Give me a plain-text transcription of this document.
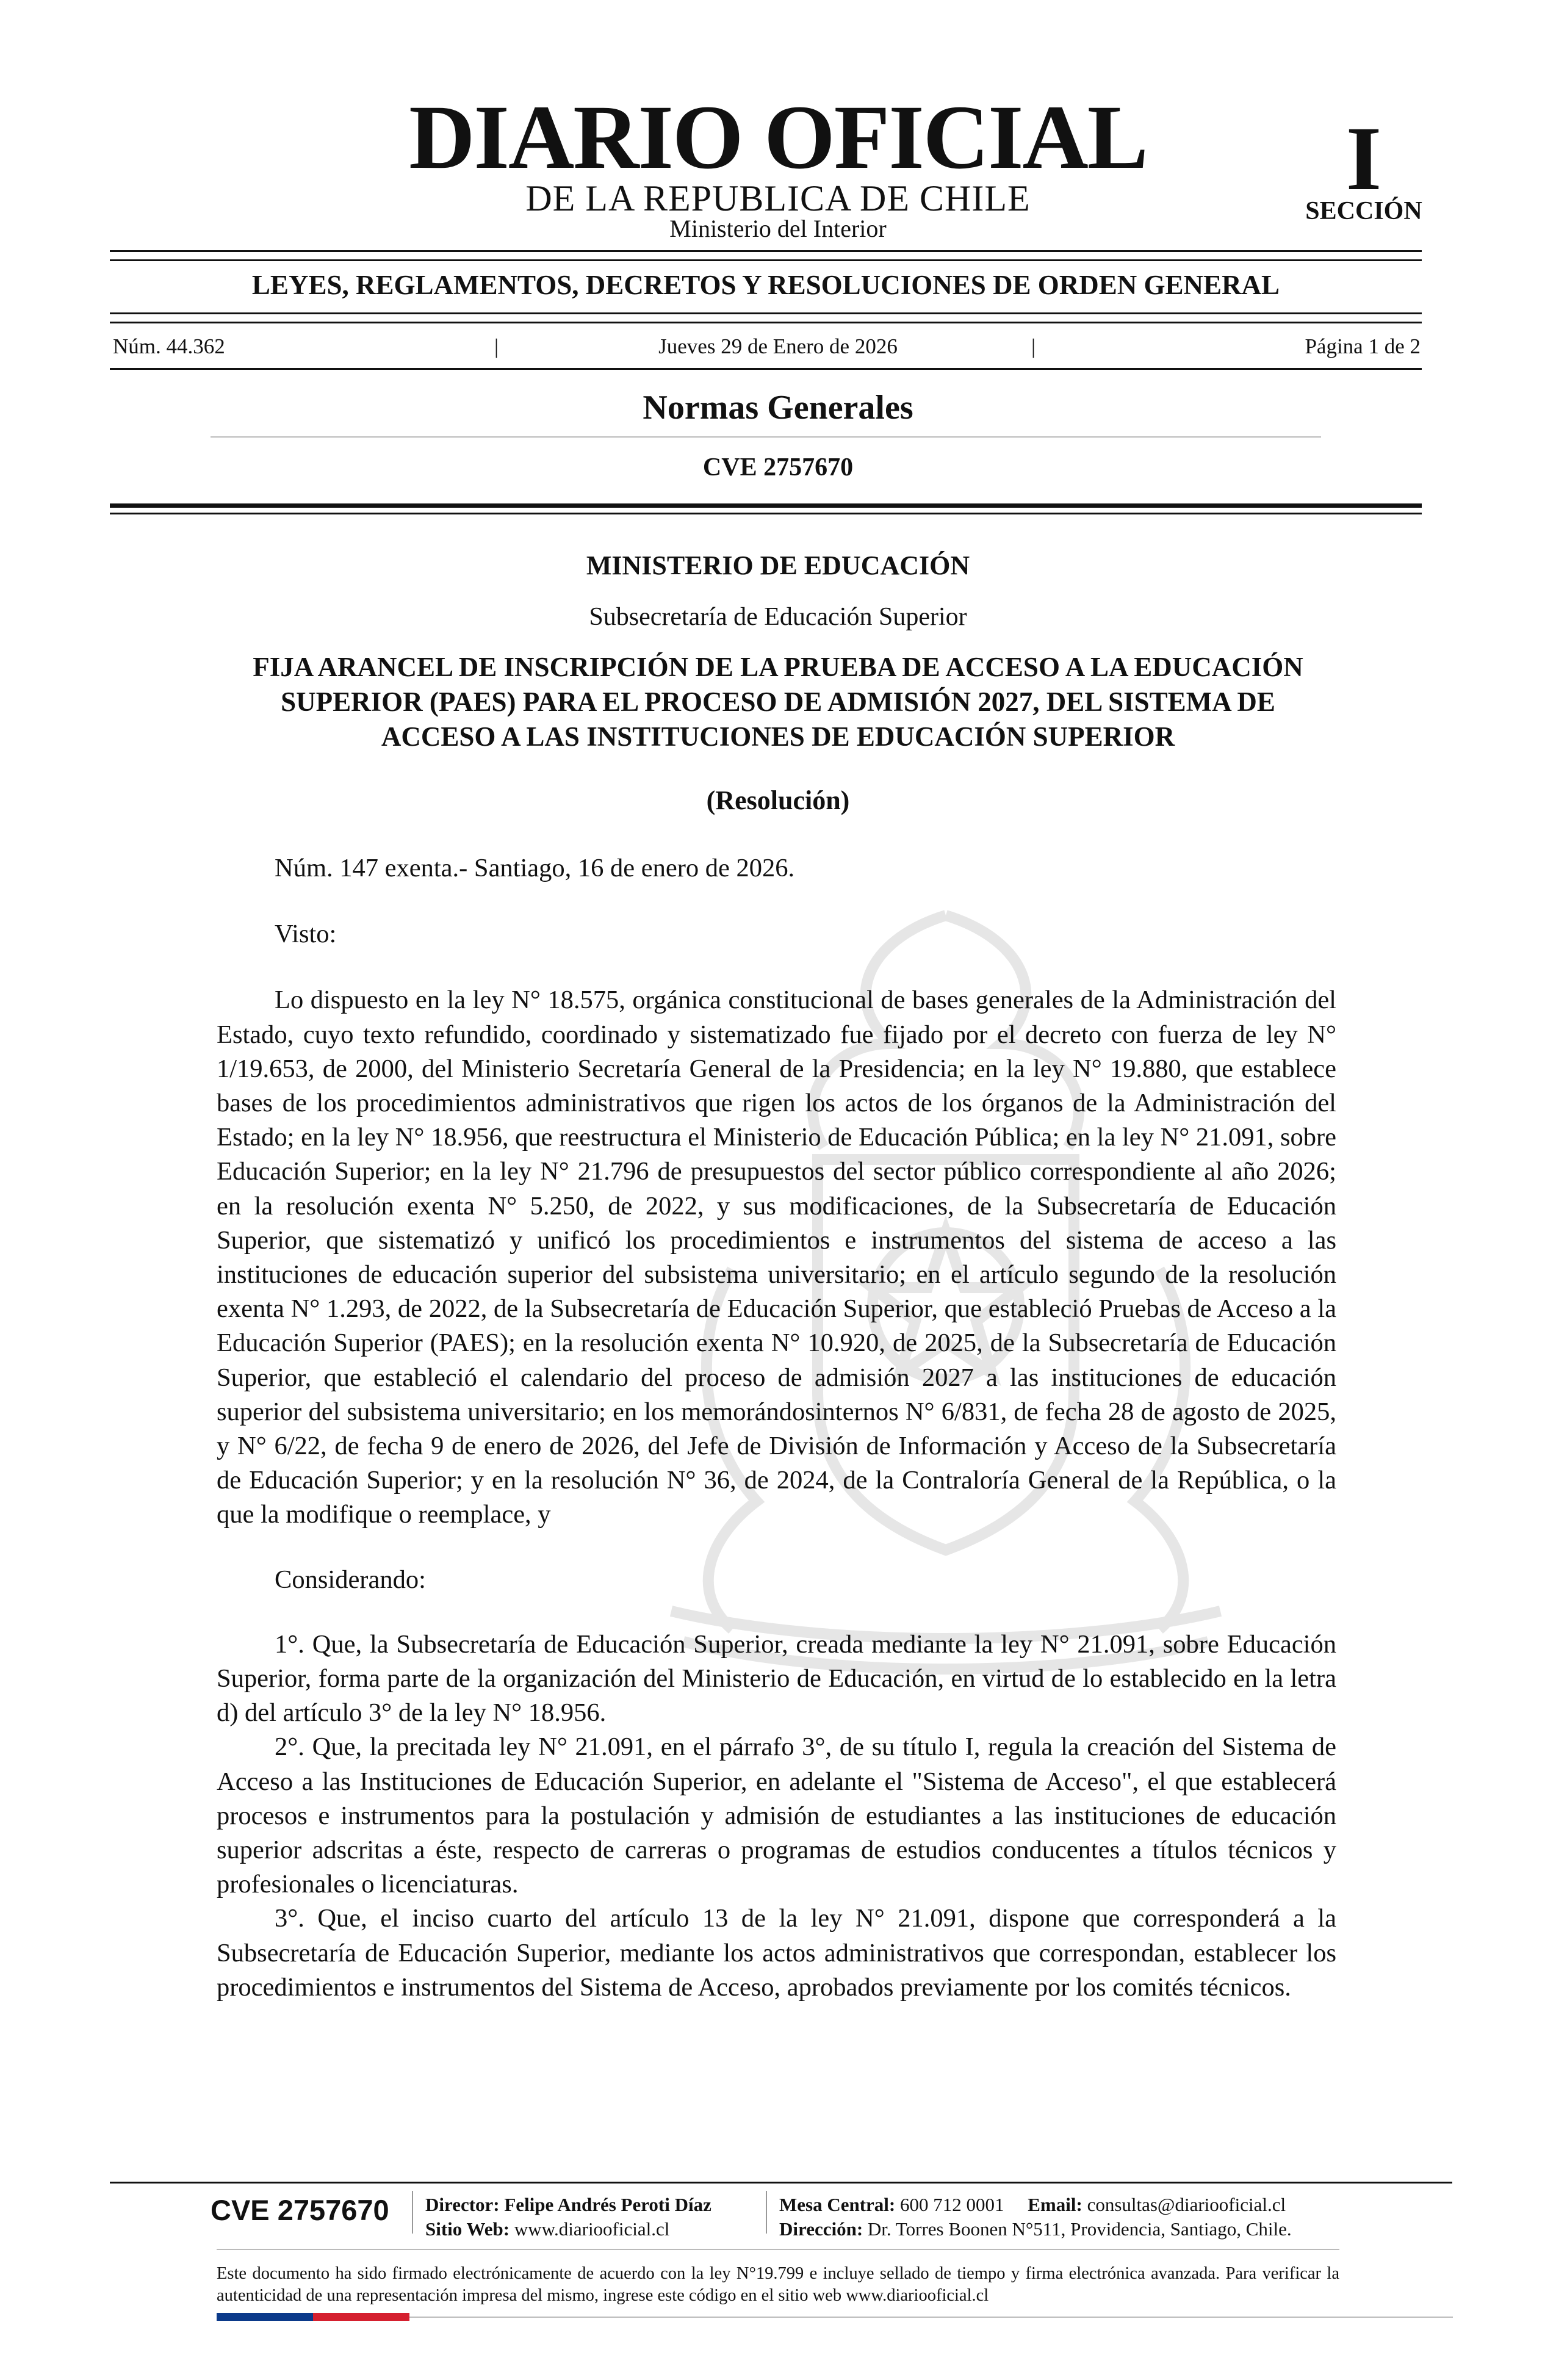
DIARIO OFICIAL
DE LA REPUBLICA DE CHILE
Ministerio del Interior
I
SECCIÓN
LEYES, REGLAMENTOS, DECRETOS Y RESOLUCIONES DE ORDEN GENERAL
Núm. 44.362	|	Jueves 29 de Enero de 2026	|	Página 1 de 2
Normas Generales
CVE 2757670
MINISTERIO DE EDUCACIÓN
Subsecretaría de Educación Superior
FIJA ARANCEL DE INSCRIPCIÓN DE LA PRUEBA DE ACCESO A LA EDUCACIÓN
SUPERIOR (PAES) PARA EL PROCESO DE ADMISIÓN 2027, DEL SISTEMA DE
ACCESO A LAS INSTITUCIONES DE EDUCACIÓN SUPERIOR
(Resolución)

Núm. 147 exenta.- Santiago, 16 de enero de 2026.

Visto:

Lo dispuesto en la ley N° 18.575, orgánica constitucional de bases generales de la Administración del Estado, cuyo texto refundido, coordinado y sistematizado fue fijado por el decreto con fuerza de ley N° 1/19.653, de 2000, del Ministerio Secretaría General de la Presidencia; en la ley N° 19.880, que establece bases de los procedimientos administrativos que rigen los actos de los órganos de la Administración del Estado; en la ley N° 18.956, que reestructura el Ministerio de Educación Pública; en la ley N° 21.091, sobre Educación Superior; en la ley N° 21.796 de presupuestos del sector público correspondiente al año 2026; en la resolución exenta N° 5.250, de 2022, y sus modificaciones, de la Subsecretaría de Educación Superior, que sistematizó y unificó los procedimientos e instrumentos del sistema de acceso a las instituciones de educación superior del subsistema universitario; en el artículo segundo de la resolución exenta N° 1.293, de 2022, de la Subsecretaría de Educación Superior, que estableció Pruebas de Acceso a la Educación Superior (PAES); en la resolución exenta N° 10.920, de 2025, de la Subsecretaría de Educación Superior, que estableció el calendario del proceso de admisión 2027 a las instituciones de educación superior del subsistema universitario; en los memorándosinternos N° 6/831, de fecha 28 de agosto de 2025, y N° 6/22, de fecha 9 de enero de 2026, del Jefe de División de Información y Acceso de la Subsecretaría de Educación Superior; y en la resolución N° 36, de 2024, de la Contraloría General de la República, o la que la modifique o reemplace, y

Considerando:

1°. Que, la Subsecretaría de Educación Superior, creada mediante la ley N° 21.091, sobre Educación Superior, forma parte de la organización del Ministerio de Educación, en virtud de lo establecido en la letra d) del artículo 3° de la ley N° 18.956.

2°. Que, la precitada ley N° 21.091, en el párrafo 3°, de su título I, regula la creación del Sistema de Acceso a las Instituciones de Educación Superior, en adelante el "Sistema de Acceso", el que establecerá procesos e instrumentos para la postulación y admisión de estudiantes a las instituciones de educación superior adscritas a éste, respecto de carreras o programas de estudios conducentes a títulos técnicos y profesionales o licenciaturas.

3°. Que, el inciso cuarto del artículo 13 de la ley N° 21.091, dispone que corresponderá a la Subsecretaría de Educación Superior, mediante los actos administrativos que correspondan, establecer los procedimientos e instrumentos del Sistema de Acceso, aprobados previamente por los comités técnicos.

CVE 2757670 Director: Felipe Andrés Peroti Díaz
Sitio Web: www.diariooficial.cl
Mesa Central: 600 712 0001 Email: consultas@diariooficial.cl
Dirección: Dr. Torres Boonen N°511, Providencia, Santiago, Chile.
Este documento ha sido firmado electrónicamente de acuerdo con la ley N°19.799 e incluye sellado de tiempo y firma electrónica avanzada. Para verificar la autenticidad de una representación impresa del mismo, ingrese este código en el sitio web www.diariooficial.cl
